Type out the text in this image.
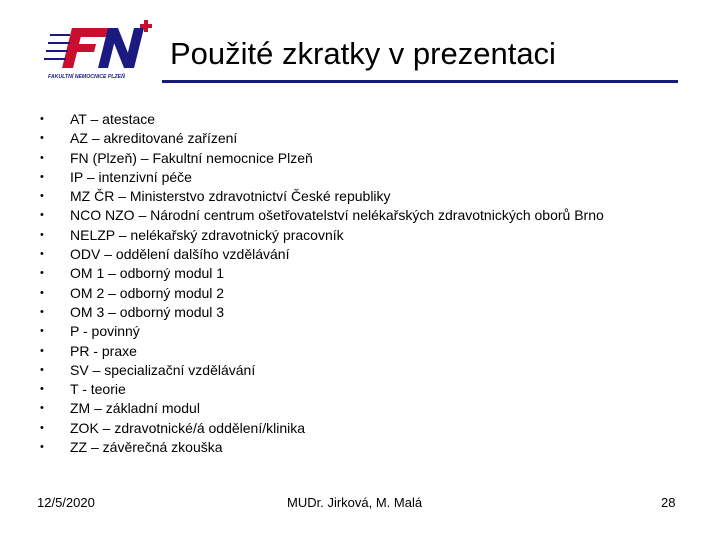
FAKULTNÍ NEMOCNICE PLZEŇ
Použité zkratky v prezentaci
• AT – atestace
• AZ – akreditované zařízení
• FN (Plzeň) – Fakultní nemocnice Plzeň
• IP – intenzivní péče
• MZ ČR – Ministerstvo zdravotnictví České republiky
• NCO NZO – Národní centrum ošetřovatelství nelékařských zdravotnických oborů Brno
• NELZP – nelékařský zdravotnický pracovník
• ODV – oddělení dalšího vzdělávání
• OM 1 – odborný modul 1
• OM 2 – odborný modul 2
• OM 3 – odborný modul 3
• P - povinný
• PR - praxe
• SV – specializační vzdělávání
• T - teorie
• ZM – základní modul
• ZOK – zdravotnické/á oddělení/klinika
• ZZ – závěrečná zkouška
12/5/2020	MUDr. Jirková, M. Malá	28
